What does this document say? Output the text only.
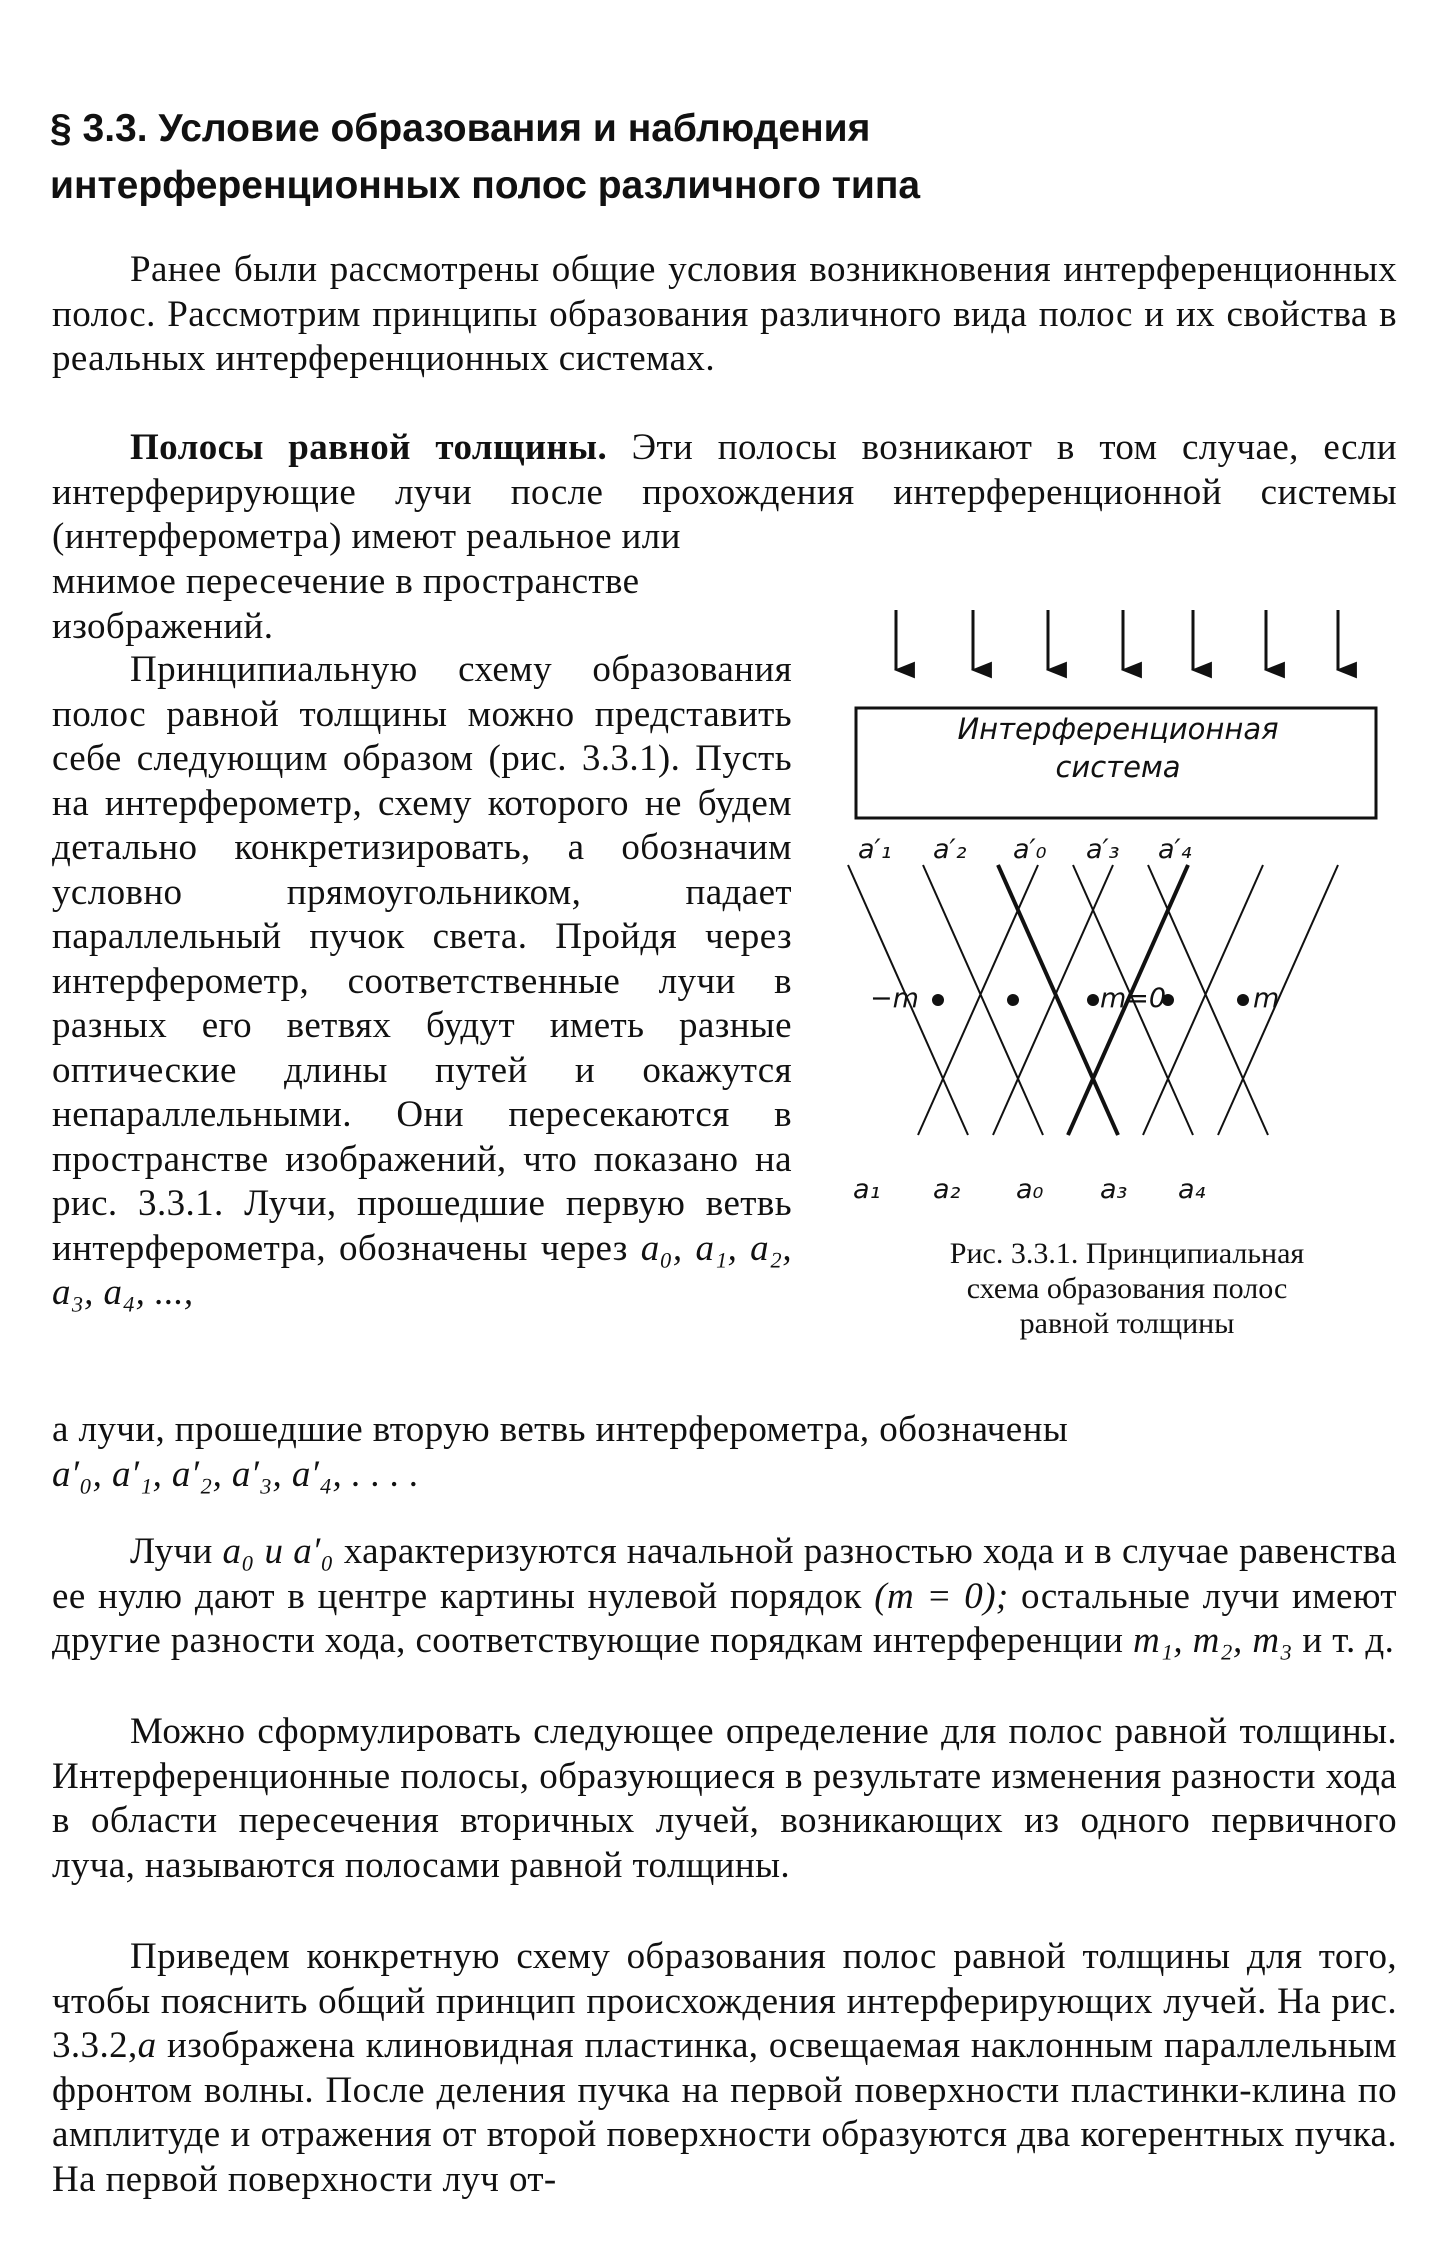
§ 3.3. Условие образования и наблюдения
интерференционных полос различного типа

Ранее были рассмотрены общие условия возникновения интерференционных полос. Рассмотрим принципы образования различного вида полос и их свойства в реальных интерференционных системах.

Полосы равной толщины. Эти полосы возникают в том случае, если интерферирующие лучи после прохождения интерференционной системы (интерферометра) имеют реальное или

мнимое пересечение в пространстве изображений.

Принципиальную схему образования полос равной толщины можно представить себе следующим образом (рис. 3.3.1). Пусть на интерферометр, схему которого не будем детально конкретизировать, а обозначим условно прямоугольником, падает параллельный пучок света. Пройдя через интерферометр, соответственные лучи в разных его ветвях будут иметь разные оптические длины путей и окажутся непараллельными. Они пересекаются в пространстве изображений, что показано на рис. 3.3.1. Лучи, прошедшие первую ветвь интерферометра, обозначены через a₀, a₁, a₂, a₃, a₄, ...,

а лучи, прошедшие вторую ветвь интерферометра, обозначены
a′₀, a′₁, a′₂, a′₃, a′₄, . . . .

Лучи a₀ и a′₀ характеризуются начальной разностью хода и в случае равенства ее нулю дают в центре картины нулевой порядок (m = 0); остальные лучи имеют другие разности хода, соответствующие порядкам интерференции m₁, m₂, m₃ и т. д.

Можно сформулировать следующее определение для полос равной толщины. Интерференционные полосы, образующиеся в результате изменения разности хода в области пересечения вторичных лучей, возникающих из одного первичного луча, называются полосами равной толщины.

Приведем конкретную схему образования полос равной толщины для того, чтобы пояснить общий принцип происхождения интерферирующих лучей. На рис. 3.3.2,a изображена клиновидная пластинка, освещаемая наклонным параллельным фронтом волны. После деления пучка на первой поверхности пластинки-клина по амплитуде и отражения от второй поверхности образуются два когерентных пучка. На первой поверхности луч от-

Интерференционная

система

a′₁ a′₂ a′₀ a′₃ a′₄

−m	m=0	m

a₁ a₂ a₀ a₃ a₄

Рис. 3.3.1. Принципиальная
схема образования полос
равной толщины
